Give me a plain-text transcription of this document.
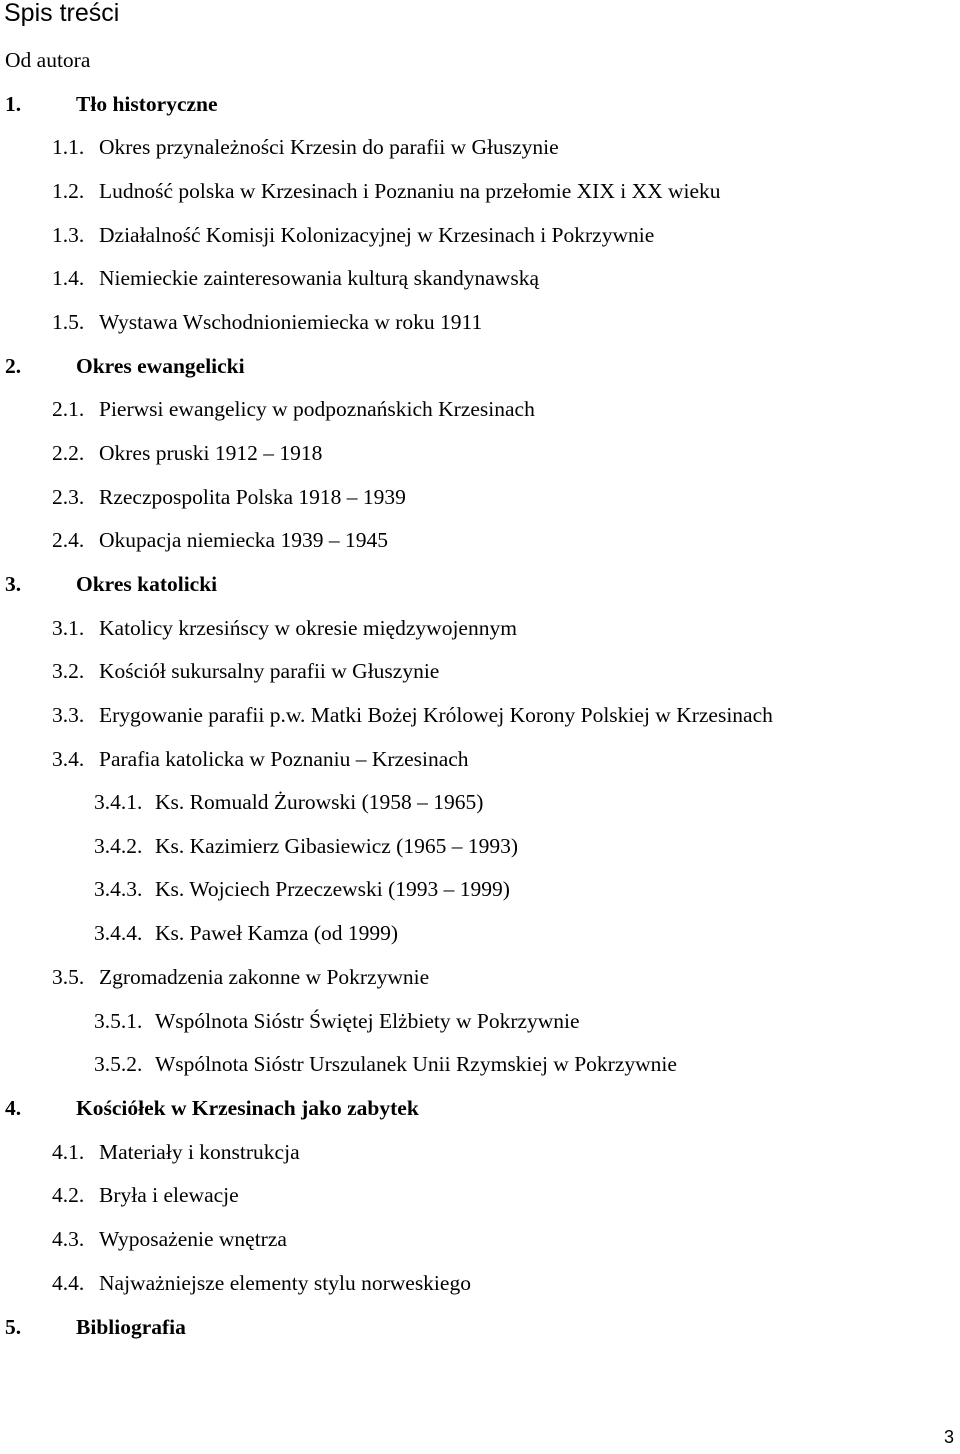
Spis treści
Od autora
1.	Tło historyczne
1.1. Okres przynależności Krzesin do parafii w Głuszynie
1.2. Ludność polska w Krzesinach i Poznaniu na przełomie XIX i XX wieku
1.3. Działalność Komisji Kolonizacyjnej w Krzesinach i Pokrzywnie
1.4. Niemieckie zainteresowania kulturą skandynawską
1.5. Wystawa Wschodnioniemiecka w roku 1911
2.	Okres ewangelicki
2.1. Pierwsi ewangelicy w podpoznańskich Krzesinach
2.2. Okres pruski 1912 – 1918
2.3. Rzeczpospolita Polska 1918 – 1939
2.4. Okupacja niemiecka 1939 – 1945
3.	Okres katolicki
3.1. Katolicy krzesińscy w okresie międzywojennym
3.2. Kościół sukursalny parafii w Głuszynie
3.3. Erygowanie parafii p.w. Matki Bożej Królowej Korony Polskiej w Krzesinach
3.4. Parafia katolicka w Poznaniu – Krzesinach
3.4.1. Ks. Romuald Żurowski (1958 – 1965)
3.4.2. Ks. Kazimierz Gibasiewicz (1965 – 1993)
3.4.3. Ks. Wojciech Przeczewski (1993 – 1999)
3.4.4. Ks. Paweł Kamza (od 1999)
3.5. Zgromadzenia zakonne w Pokrzywnie
3.5.1. Wspólnota Sióstr Świętej Elżbiety w Pokrzywnie
3.5.2. Wspólnota Sióstr Urszulanek Unii Rzymskiej w Pokrzywnie
4.	Kościółek w Krzesinach jako zabytek
4.1. Materiały i konstrukcja
4.2. Bryła i elewacje
4.3. Wyposażenie wnętrza
4.4. Najważniejsze elementy stylu norweskiego
5.	Bibliografia
3
